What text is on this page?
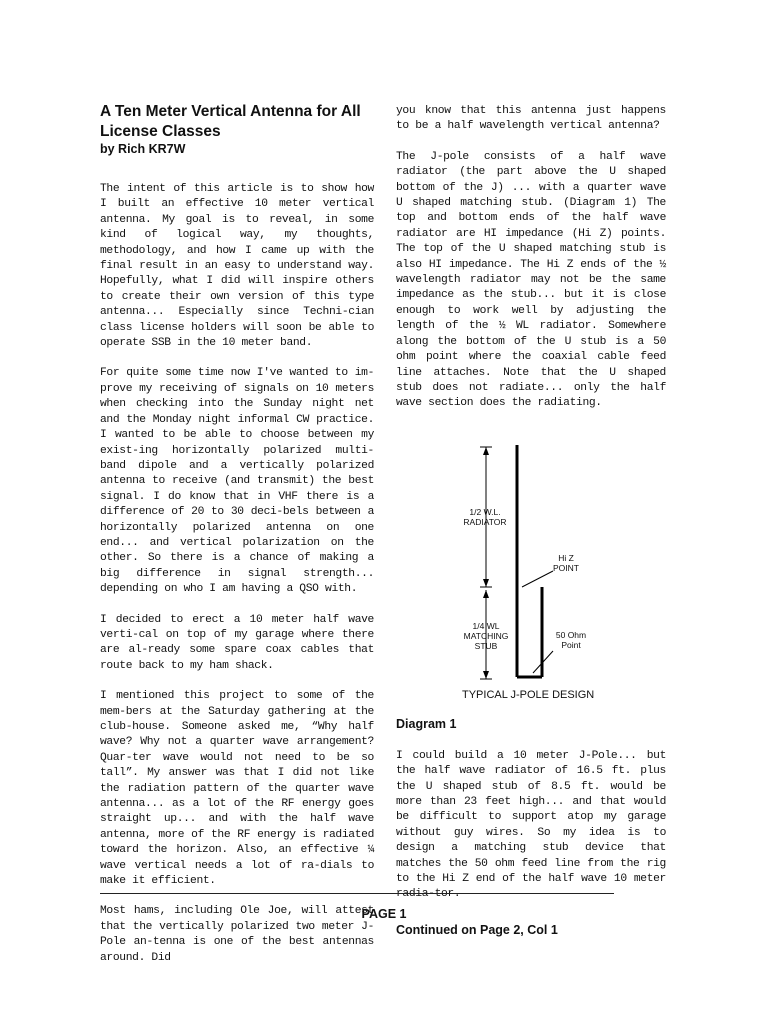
A Ten Meter Vertical Antenna for All License Classes
by Rich KR7W

The intent of this article is to show how I built an effective 10 meter vertical antenna. My goal is to reveal, in some kind of logical way, my thoughts, methodology, and how I came up with the final result in an easy to understand way. Hopefully, what I did will inspire others to create their own version of this type antenna... Especially since Techni-cian class license holders will soon be able to operate SSB in the 10 meter band.

For quite some time now I've wanted to im-prove my receiving of signals on 10 meters when checking into the Sunday night net and the Monday night informal CW practice. I wanted to be able to choose between my exist-ing horizontally polarized multi-band dipole and a vertically polarized antenna to receive (and transmit) the best signal. I do know that in VHF there is a difference of 20 to 30 deci-bels between a horizontally polarized antenna on one end... and vertical polarization on the other. So there is a chance of making a big difference in signal strength... depending on who I am having a QSO with.

I decided to erect a 10 meter half wave verti-cal on top of my garage where there are al-ready some spare coax cables that route back to my ham shack.

I mentioned this project to some of the mem-bers at the Saturday gathering at the club-house. Someone asked me, “Why half wave? Why not a quarter wave arrangement? Quar-ter wave would not need to be so tall”. My answer was that I did not like the radiation pattern of the quarter wave antenna... as a lot of the RF energy goes straight up... and with the half wave antenna, more of the RF energy is radiated toward the horizon. Also, an effective ¼ wave vertical needs a lot of ra-dials to make it efficient.

Most hams, including Ole Joe, will attest that the vertically polarized two meter J-Pole an-tenna is one of the best antennas around. Did

you know that this antenna just happens to be a half wavelength vertical antenna?

The J-pole consists of a half wave radiator (the part above the U shaped bottom of the J) ... with a quarter wave U shaped matching stub. (Diagram 1) The top and bottom ends of the half wave radiator are HI impedance (Hi Z) points. The top of the U shaped matching stub is also HI impedance. The Hi Z ends of the ½ wavelength radiator may not be the same impedance as the stub... but it is close enough to work well by adjusting the length of the ½ WL radiator. Somewhere along the bottom of the U stub is a 50 ohm point where the coaxial cable feed line attaches. Note that the U shaped stub does not radiate... only the half wave section does the radiating.

1/2 W.L.
RADIATOR
Hi Z
POINT
1/4 WL
MATCHING
STUB
50 Ohm
Point
TYPICAL J-POLE DESIGN
Diagram 1

I could build a 10 meter J-Pole... but the half wave radiator of 16.5 ft. plus the U shaped stub of 8.5 ft. would be more than 23 feet high... and that would be difficult to support atop my garage without guy wires. So my idea is to design a matching stub device that matches the 50 ohm feed line from the rig to the Hi Z end of the half wave 10 meter radia-tor.

Continued on Page 2, Col 1
PAGE 1
